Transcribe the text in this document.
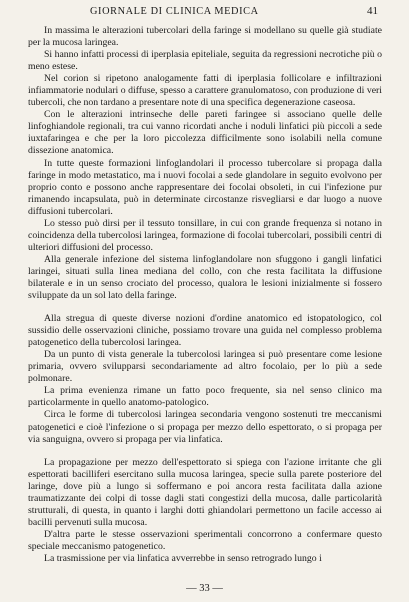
GIORNALE DI CLINICA MEDICA	41

In massima le alterazioni tubercolari della faringe si modellano su quelle già studiate per la mucosa laringea.

Si hanno infatti processi di iperplasia epiteliale, seguita da regressioni necrotiche più o meno estese.

Nel corion si ripetono analogamente fatti di iperplasia follicolare e infiltrazioni infiammatorie nodulari o diffuse, spesso a carattere granulomatoso, con produzione di veri tubercoli, che non tardano a presentare note di una specifica degenerazione caseosa.

Con le alterazioni intrinseche delle pareti faringee si associano quelle delle linfoghiandole regionali, tra cui vanno ricordati anche i noduli linfatici più piccoli a sede iuxtafaringea e che per la loro piccolezza difficilmente sono isolabili nella comune dissezione anatomica.

In tutte queste formazioni linfoglandolari il processo tubercolare si propaga dalla faringe in modo metastatico, ma i nuovi focolai a sede glandolare in seguito evolvono per proprio conto e possono anche rappresentare dei focolai obsoleti, in cui l'infezione pur rimanendo incapsulata, può in determinate circostanze risvegliarsi e dar luogo a nuove diffusioni tubercolari.

Lo stesso può dirsi per il tessuto tonsillare, in cui con grande frequenza si notano in coincidenza della tubercolosi laringea, formazione di focolai tubercolari, possibili centri di ulteriori diffusioni del processo.

Alla generale infezione del sistema linfoglandolare non sfuggono i gangli linfatici laringei, situati sulla linea mediana del collo, con che resta facilitata la diffusione bilaterale e in un senso crociato del processo, qualora le lesioni inizialmente si fossero sviluppate da un sol lato della faringe.

Alla stregua di queste diverse nozioni d'ordine anatomico ed istopatologico, col sussidio delle osservazioni cliniche, possiamo trovare una guida nel complesso problema patogenetico della tubercolosi laringea.

Da un punto di vista generale la tubercolosi laringea si può presentare come lesione primaria, ovvero svilupparsi secondariamente ad altro focolaio, per lo più a sede polmonare.

La prima evenienza rimane un fatto poco frequente, sia nel senso clinico ma particolarmente in quello anatomo-patologico.

Circa le forme di tubercolosi laringea secondaria vengono sostenuti tre meccanismi patogenetici e cioè l'infezione o si propaga per mezzo dello espettorato, o si propaga per via sanguigna, ovvero si propaga per via linfatica.

La propagazione per mezzo dell'espettorato si spiega con l'azione irritante che gli espettorati bacilliferi esercitano sulla mucosa laringea, specie sulla parete posteriore del laringe, dove più a lungo si soffermano e poi ancora resta facilitata dalla azione traumatizzante dei colpi di tosse dagli stati congestizi della mucosa, dalle particolarità strutturali, di questa, in quanto i larghi dotti ghiandolari permettono un facile accesso ai bacilli pervenuti sulla mucosa.

D'altra parte le stesse osservazioni sperimentali concorrono a confermare questo speciale meccanismo patogenetico.

La trasmissione per via linfatica avverrebbe in senso retrogrado lungo i

— 33 —
